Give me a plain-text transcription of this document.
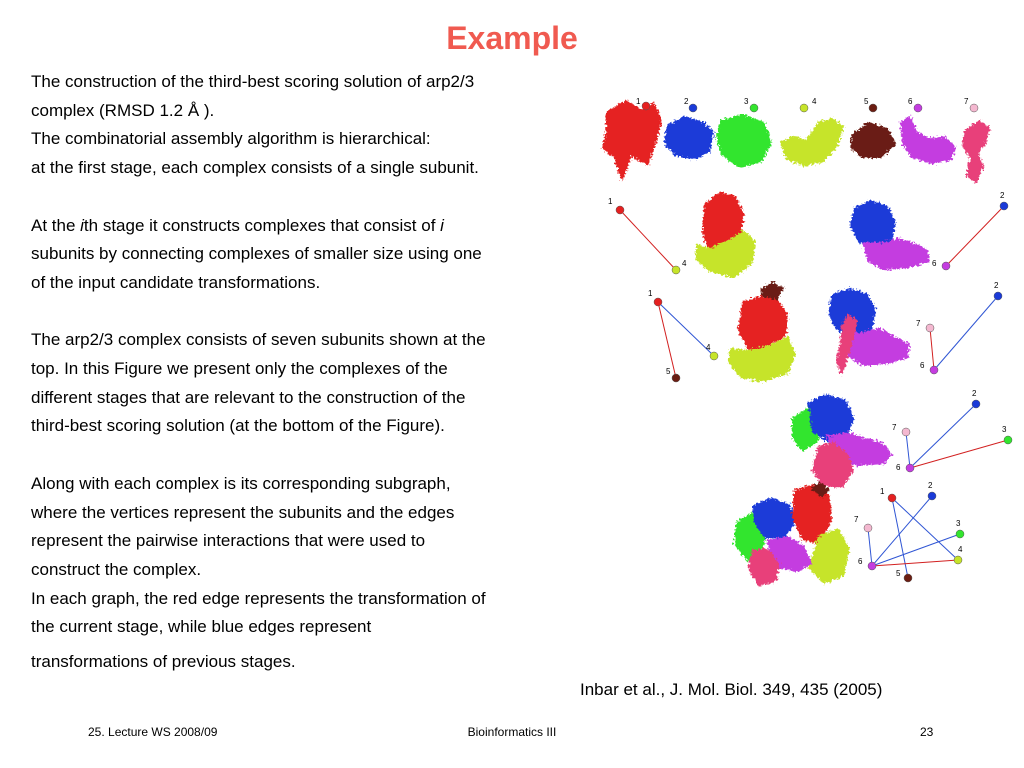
Example
The construction of the third-best scoring solution of arp2/3
complex (RMSD 1.2 Å ).
The combinatorial assembly algorithm is hierarchical:
at the first stage, each complex consists of a single subunit.
At the ith stage it constructs complexes that consist of i
subunits by connecting complexes of smaller size using one
of the input candidate transformations.
The arp2/3 complex consists of seven subunits shown at the
top. In this Figure we present only the complexes of the
different stages that are relevant to the construction of the
third-best scoring solution (at the bottom of the Figure).
Along with each complex is its corresponding subgraph,
where the vertices represent the subunits and the edges
represent the pairwise interactions that were used to
construct the complex.
In each graph, the red edge represents the transformation of
the current stage, while blue edges represent
transformations of previous stages.
1	2	3	4	5	6	7
1
4
2
6
1
4
5
2
7
6
2
7	3
6
1
2
7	3
6
4
5
Inbar et al., J. Mol. Biol. 349, 435 (2005)
25. Lecture WS 2008/09	Bioinformatics III	23
